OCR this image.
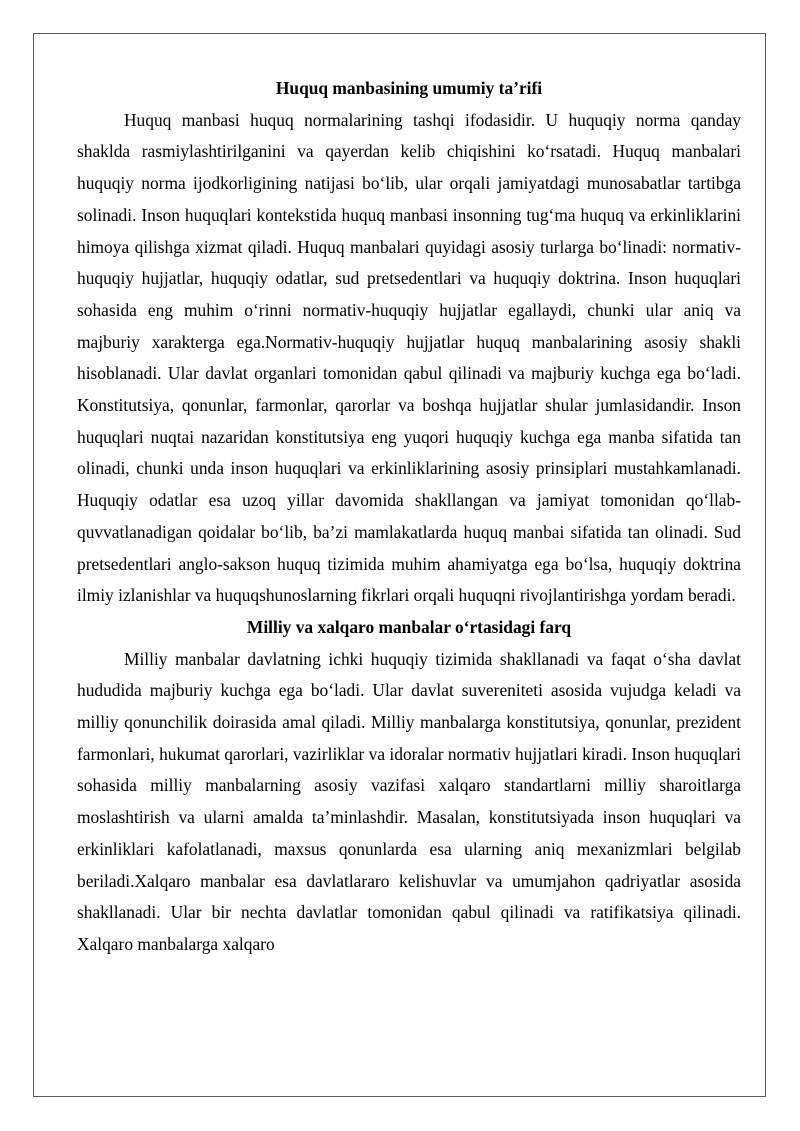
Huquq manbasining umumiy ta’rifi

Huquq manbasi huquq normalarining tashqi ifodasidir. U huquqiy norma qanday shaklda rasmiylashtirilganini va qayerdan kelib chiqishini ko‘rsatadi. Huquq manbalari huquqiy norma ijodkorligining natijasi bo‘lib, ular orqali jamiyatdagi munosabatlar tartibga solinadi. Inson huquqlari kontekstida huquq manbasi insonning tug‘ma huquq va erkinliklarini himoya qilishga xizmat qiladi. Huquq manbalari quyidagi asosiy turlarga bo‘linadi: normativ-huquqiy hujjatlar, huquqiy odatlar, sud pretsedentlari va huquqiy doktrina. Inson huquqlari sohasida eng muhim o‘rinni normativ-huquqiy hujjatlar egallaydi, chunki ular aniq va majburiy xarakterga ega.Normativ-huquqiy hujjatlar huquq manbalarining asosiy shakli hisoblanadi. Ular davlat organlari tomonidan qabul qilinadi va majburiy kuchga ega bo‘ladi. Konstitutsiya, qonunlar, farmonlar, qarorlar va boshqa hujjatlar shular jumlasidandir. Inson huquqlari nuqtai nazaridan konstitutsiya eng yuqori huquqiy kuchga ega manba sifatida tan olinadi, chunki unda inson huquqlari va erkinliklarining asosiy prinsiplari mustahkamlanadi. Huquqiy odatlar esa uzoq yillar davomida shakllangan va jamiyat tomonidan qo‘llab-quvvatlanadigan qoidalar bo‘lib, ba’zi mamlakatlarda huquq manbai sifatida tan olinadi. Sud pretsedentlari anglo-sakson huquq tizimida muhim ahamiyatga ega bo‘lsa, huquqiy doktrina ilmiy izlanishlar va huquqshunoslarning fikrlari orqali huquqni rivojlantirishga yordam beradi.

Milliy va xalqaro manbalar o‘rtasidagi farq

Milliy manbalar davlatning ichki huquqiy tizimida shakllanadi va faqat o‘sha davlat hududida majburiy kuchga ega bo‘ladi. Ular davlat suvereniteti asosida vujudga keladi va milliy qonunchilik doirasida amal qiladi. Milliy manbalarga konstitutsiya, qonunlar, prezident farmonlari, hukumat qarorlari, vazirliklar va idoralar normativ hujjatlari kiradi. Inson huquqlari sohasida milliy manbalarning asosiy vazifasi xalqaro standartlarni milliy sharoitlarga moslashtirish va ularni amalda ta’minlashdir. Masalan, konstitutsiyada inson huquqlari va erkinliklari kafolatlanadi, maxsus qonunlarda esa ularning aniq mexanizmlari belgilab beriladi.Xalqaro manbalar esa davlatlararo kelishuvlar va umumjahon qadriyatlar asosida shakllanadi. Ular bir nechta davlatlar tomonidan qabul qilinadi va ratifikatsiya qilinadi. Xalqaro manbalarga xalqaro
